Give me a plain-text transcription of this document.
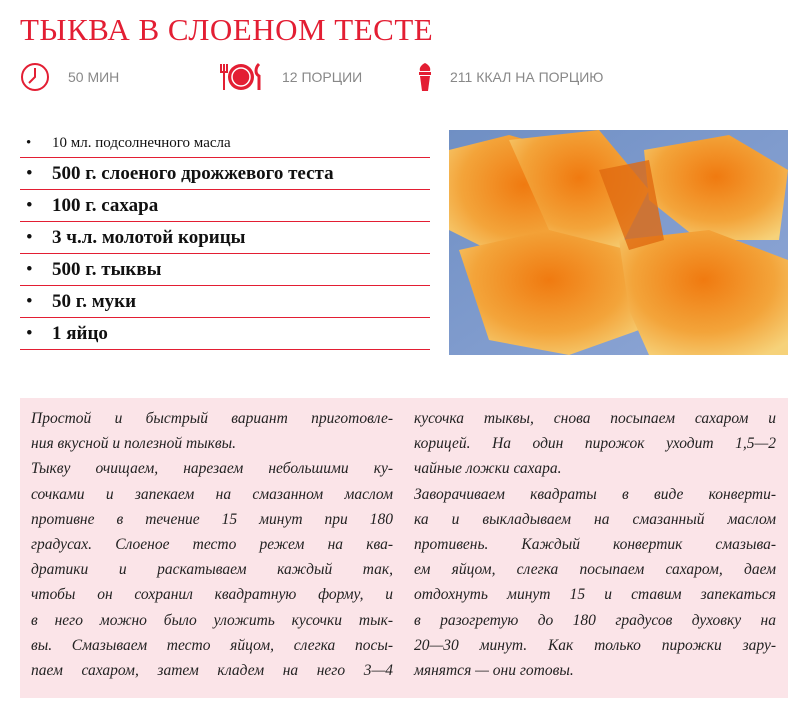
ТЫКВА В СЛОЕНОМ ТЕСТЕ
50 МИН	12 ПОРЦИИ	211 ККАЛ НА ПОРЦИЮ
•	10 мл. подсолнечного масла
•	500 г. слоеного дрожжевого теста
•	100 г. сахара
•	3 ч.л. молотой корицы
•	500 г. тыквы
•	50 г. муки
•	1 яйцо
Простой и быстрый вариант приготовле-
ния вкусной и полезной тыквы.
Тыкву очищаем, нарезаем небольшими ку-
сочками и запекаем на смазанном маслом
противне в течение 15 минут при 180
градусах. Слоеное тесто режем на ква-
дратики и раскатываем каждый так,
чтобы он сохранил квадратную форму, и
в него можно было уложить кусочки тык-
вы. Смазываем тесто яйцом, слегка посы-
паем сахаром, затем кладем на него 3—4
кусочка тыквы, снова посыпаем сахаром и
корицей. На один пирожок уходит 1,5—2
чайные ложки сахара.
Заворачиваем квадраты в виде конверти-
ка и выкладываем на смазанный маслом
противень. Каждый конвертик смазыва-
ем яйцом, слегка посыпаем сахаром, даем
отдохнуть минут 15 и ставим запекаться
в разогретую до 180 градусов духовку на
20—30 минут. Как только пирожки зару-
мянятся — они готовы.
